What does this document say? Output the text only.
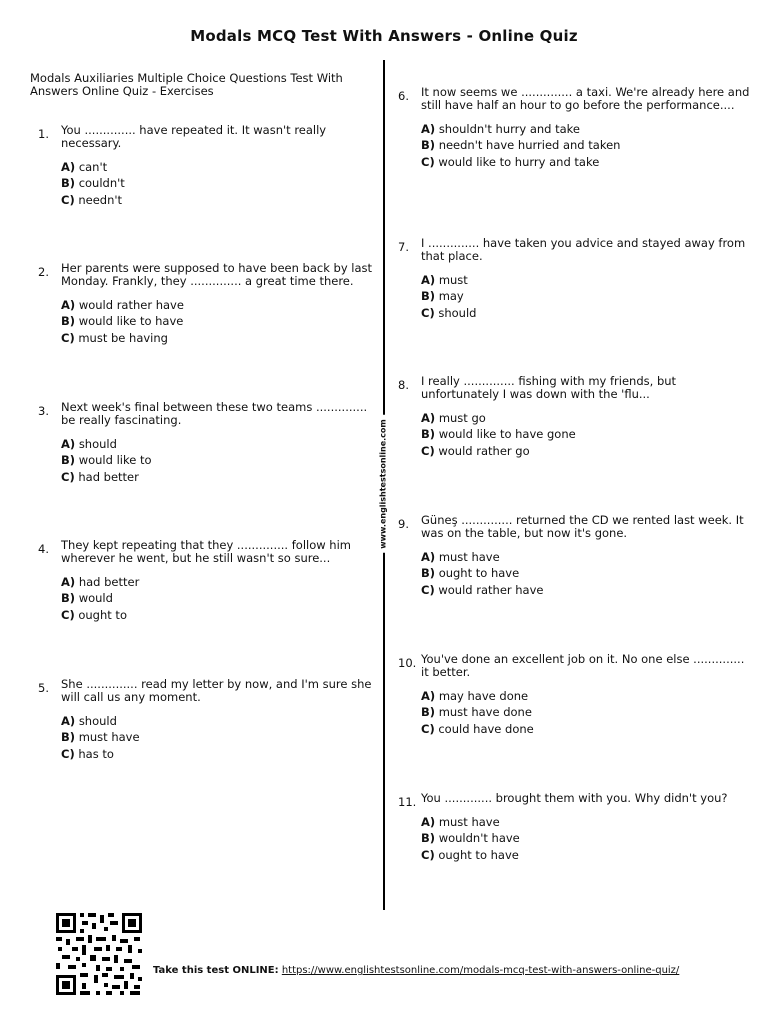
Modals MCQ Test With Answers - Online Quiz
Modals Auxiliaries Multiple Choice Questions Test With Answers Online Quiz - Exercises
www.englishtestsonline.com
1. You .............. have repeated it. It wasn't really necessary.

A) can't
B) couldn't
C) needn't
2. Her parents were supposed to have been back by last Monday. Frankly, they .............. a great time there.

A) would rather have
B) would like to have
C) must be having
3. Next week's final between these two teams .............. be really fascinating.

A) should
B) would like to
C) had better
4. They kept repeating that they .............. follow him wherever he went, but he still wasn't so sure...

A) had better
B) would
C) ought to
5. She .............. read my letter by now, and I'm sure she will call us any moment.

A) should
B) must have
C) has to
6. It now seems we .............. a taxi. We're already here and still have half an hour to go before the performance....

A) shouldn't hurry and take
B) needn't have hurried and taken
C) would like to hurry and take
7. I .............. have taken you advice and stayed away from that place.

A) must
B) may
C) should
8. I really .............. fishing with my friends, but unfortunately I was down with the 'flu...

A) must go
B) would like to have gone
C) would rather go
9. Güneş .............. returned the CD we rented last week. It was on the table, but now it's gone.

A) must have
B) ought to have
C) would rather have
10. You've done an excellent job on it. No one else .............. it better.

A) may have done
B) must have done
C) could have done
11. You ............. brought them with you. Why didn't you?

A) must have
B) wouldn't have
C) ought to have
Take this test ONLINE: https://www.englishtestsonline.com/modals-mcq-test-with-answers-online-quiz/
